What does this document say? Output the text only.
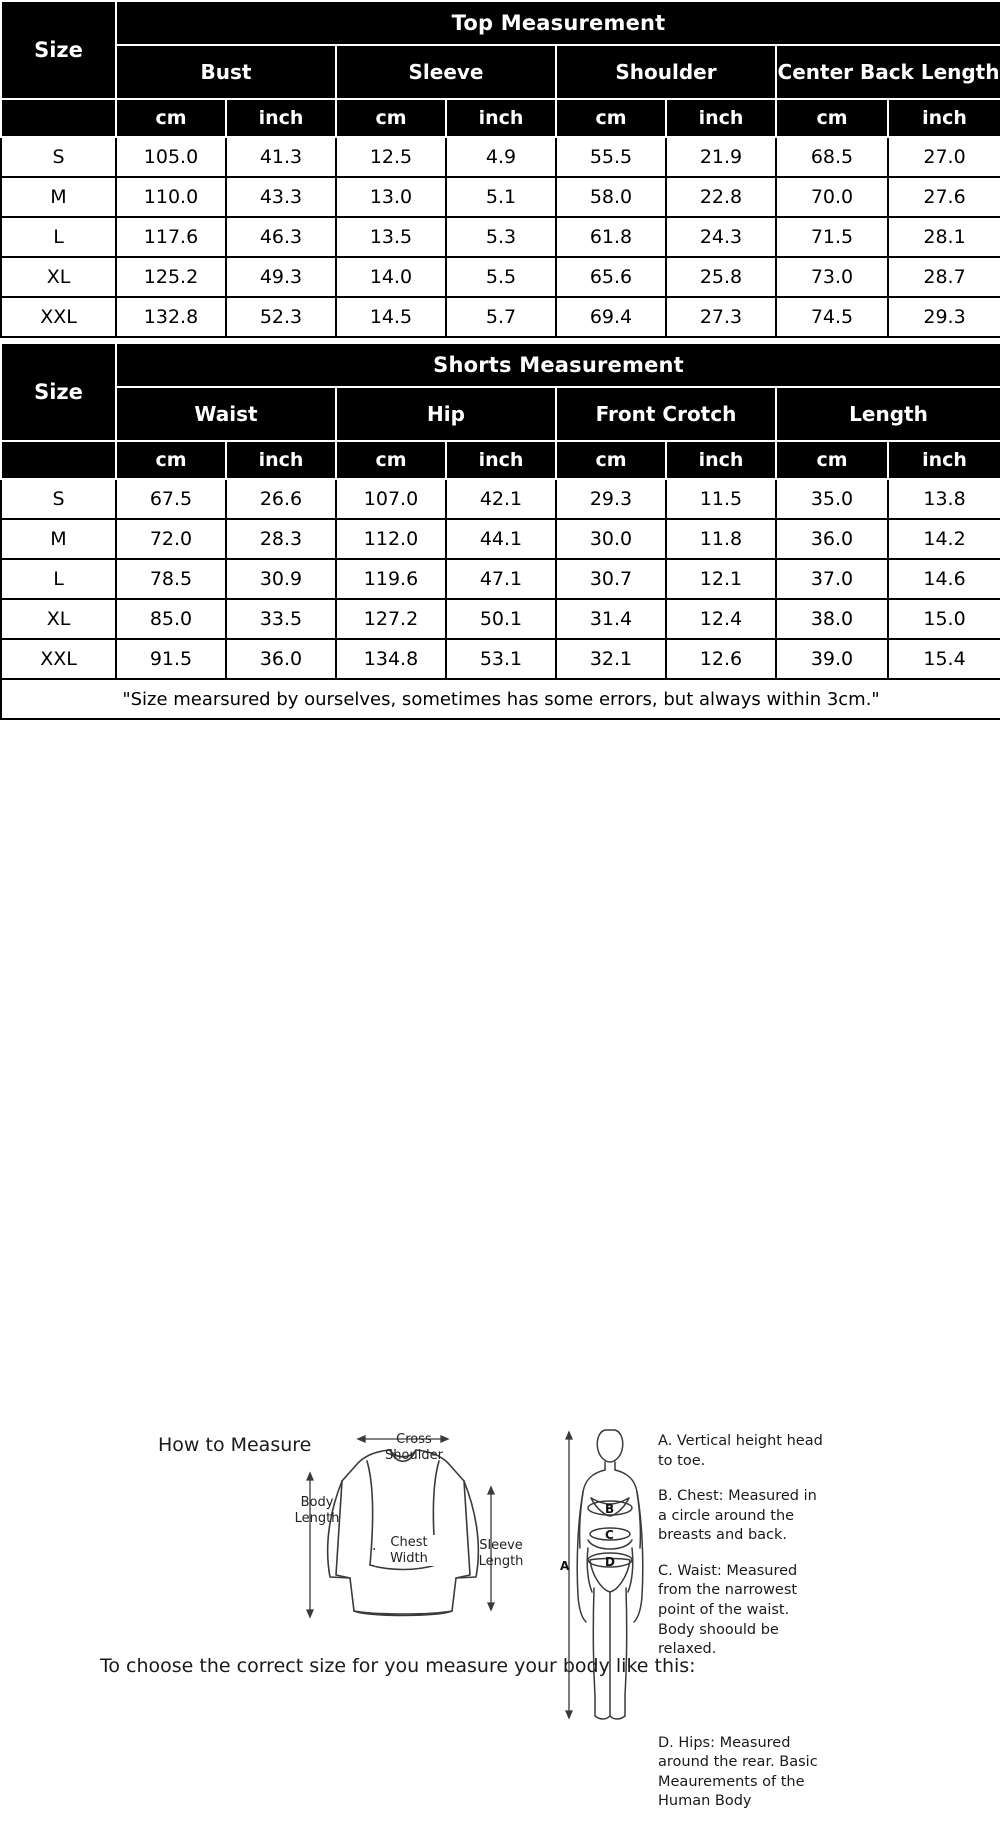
Size	Top Measurement							
	Bust		Sleeve		Shoulder		Center Back Length	
	cm	inch	cm	inch	cm	inch	cm	inch
S	105.0	41.3	12.5	4.9	55.5	21.9	68.5	27.0
M	110.0	43.3	13.0	5.1	58.0	22.8	70.0	27.6
L	117.6	46.3	13.5	5.3	61.8	24.3	71.5	28.1
XL	125.2	49.3	14.0	5.5	65.6	25.8	73.0	28.7
XXL	132.8	52.3	14.5	5.7	69.4	27.3	74.5	29.3
Size	Shorts Measurement							
	Waist		Hip		Front Crotch		Length	
	cm	inch	cm	inch	cm	inch	cm	inch
S	67.5	26.6	107.0	42.1	29.3	11.5	35.0	13.8
M	72.0	28.3	112.0	44.1	30.0	11.8	36.0	14.2
L	78.5	30.9	119.6	47.1	30.7	12.1	37.0	14.6
XL	85.0	33.5	127.2	50.1	31.4	12.4	38.0	15.0
XXL	91.5	36.0	134.8	53.1	32.1	12.6	39.0	15.4
"Size mearsured by ourselves, sometimes has some errors, but always within 3cm."								
How to Measure
To choose the correct size for you measure your body like this:
Cross
Shoulder
Body
Length
Chest
Width
Sleeve
Length	A
B
C
D

A. Vertical height head to toe.

B. Chest: Measured in a circle around the breasts and back.

C. Waist: Measured from the narrowest point of the waist. Body shoould be relaxed.

D. Hips: Measured around the rear. Basic Meaurements of the Human Body
